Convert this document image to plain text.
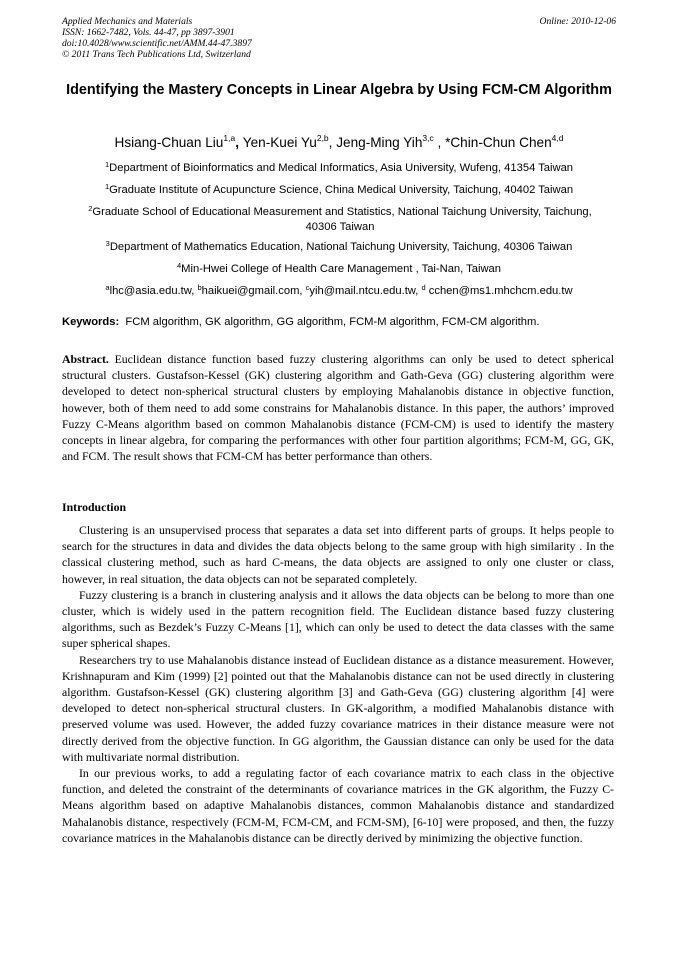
Applied Mechanics and Materials
ISSN: 1662-7482, Vols. 44-47, pp 3897-3901
doi:10.4028/www.scientific.net/AMM.44-47.3897
© 2011 Trans Tech Publications Ltd, Switzerland
Online: 2010-12-06
Identifying the Mastery Concepts in Linear Algebra by Using FCM-CM Algorithm
Hsiang-Chuan Liu$^{1,a}$, Yen-Kuei Yu$^{2,b}$, Jeng-Ming Yih$^{3,c}$ , *Chin-Chun Chen$^{4,d}$
$^1$Department of Bioinformatics and Medical Informatics, Asia University, Wufeng, 41354 Taiwan
$^1$Graduate Institute of Acupuncture Science, China Medical University, Taichung, 40402 Taiwan
$^2$Graduate School of Educational Measurement and Statistics, National Taichung University, Taichung, 40306 Taiwan
$^3$Department of Mathematics Education, National Taichung University, Taichung, 40306 Taiwan
$^4$Min-Hwei College of Health Care Management , Tai-Nan, Taiwan
$^a$lhc@asia.edu.tw, $^b$haikuei@gmail.com, $^c$yih@mail.ntcu.edu.tw, $^d$ cchen@ms1.mhchcm.edu.tw
Keywords: FCM algorithm, GK algorithm, GG algorithm, FCM-M algorithm, FCM-CM algorithm.
Abstract. Euclidean distance function based fuzzy clustering algorithms can only be used to detect spherical structural clusters. Gustafson-Kessel (GK) clustering algorithm and Gath-Geva (GG) clustering algorithm were developed to detect non-spherical structural clusters by employing Mahalanobis distance in objective function, however, both of them need to add some constrains for Mahalanobis distance. In this paper, the authors’ improved Fuzzy C-Means algorithm based on common Mahalanobis distance (FCM-CM) is used to identify the mastery concepts in linear algebra, for comparing the performances with other four partition algorithms; FCM-M, GG, GK, and FCM. The result shows that FCM-CM has better performance than others.
Introduction

Clustering is an unsupervised process that separates a data set into different parts of groups. It helps people to search for the structures in data and divides the data objects belong to the same group with high similarity . In the classical clustering method, such as hard C-means, the data objects are assigned to only one cluster or class, however, in real situation, the data objects can not be separated completely.

Fuzzy clustering is a branch in clustering analysis and it allows the data objects can be belong to more than one cluster, which is widely used in the pattern recognition field. The Euclidean distance based fuzzy clustering algorithms, such as Bezdek’s Fuzzy C-Means [1], which can only be used to detect the data classes with the same super spherical shapes.

Researchers try to use Mahalanobis distance instead of Euclidean distance as a distance measurement. However, Krishnapuram and Kim (1999) [2] pointed out that the Mahalanobis distance can not be used directly in clustering algorithm. Gustafson-Kessel (GK) clustering algorithm [3] and Gath-Geva (GG) clustering algorithm [4] were developed to detect non-spherical structural clusters. In GK-algorithm, a modified Mahalanobis distance with preserved volume was used. However, the added fuzzy covariance matrices in their distance measure were not directly derived from the objective function. In GG algorithm, the Gaussian distance can only be used for the data with multivariate normal distribution.

In our previous works, to add a regulating factor of each covariance matrix to each class in the objective function, and deleted the constraint of the determinants of covariance matrices in the GK algorithm, the Fuzzy C-Means algorithm based on adaptive Mahalanobis distances, common Mahalanobis distance and standardized Mahalanobis distance, respectively (FCM-M, FCM-CM, and FCM-SM), [6-10] were proposed, and then, the fuzzy covariance matrices in the Mahalanobis distance can be directly derived by minimizing the objective function.
